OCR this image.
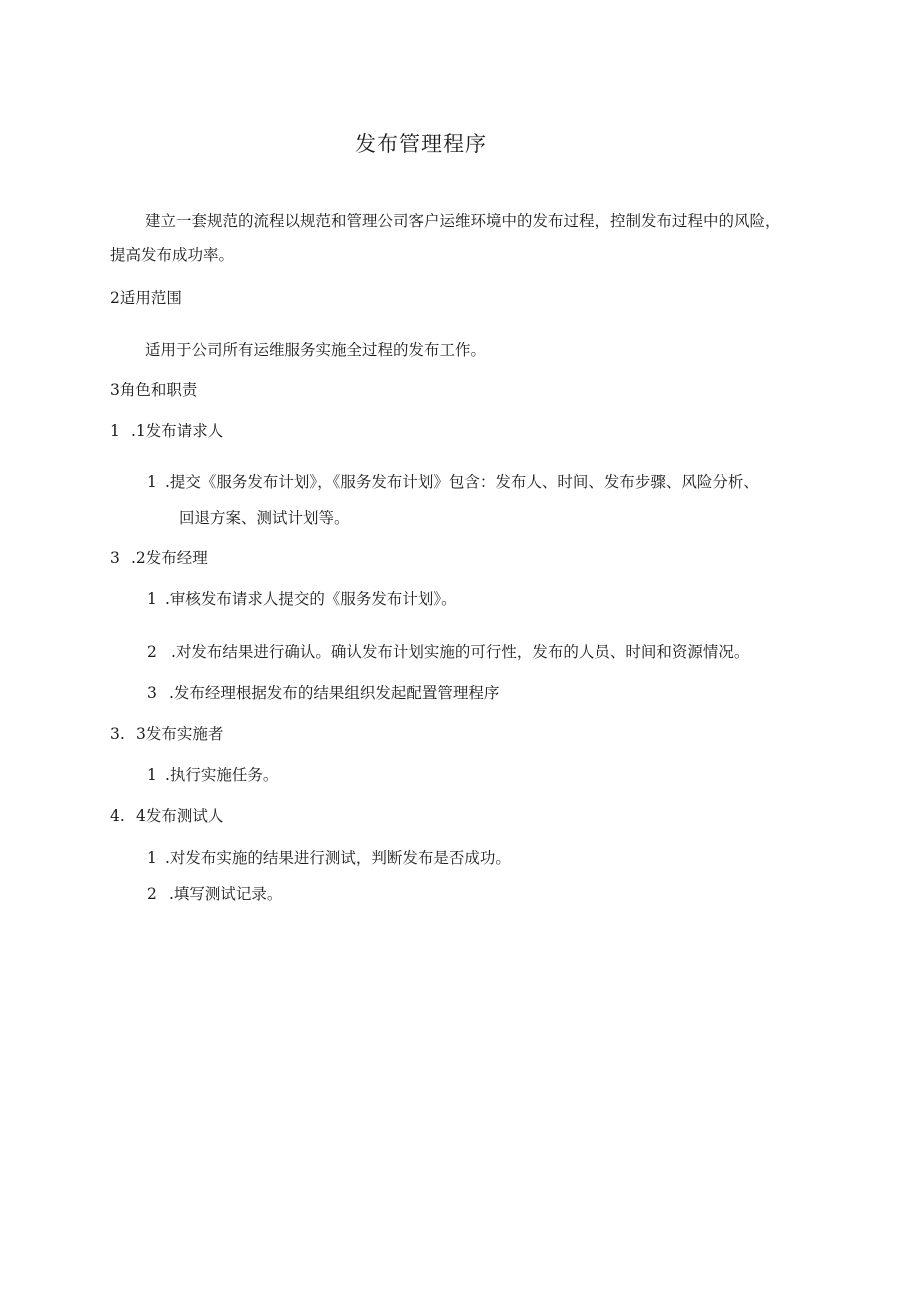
发布管理程序
建立一套规范的流程以规范和管理公司客户运维环境中的发布过程，控制发布过程中的风险，
提高发布成功率。
2适用范围
适用于公司所有运维服务实施全过程的发布工作。
3角色和职责
1 .1发布请求人
1 .提交《服务发布计划》，《服务发布计划》包含：发布人、时间、发布步骤、风险分析、
回退方案、测试计划等。
3 .2发布经理
1 .审核发布请求人提交的《服务发布计划》。
2 .对发布结果进行确认。确认发布计划实施的可行性，发布的人员、时间和资源情况。
3 .发布经理根据发布的结果组织发起配置管理程序
3. 3发布实施者
1 .执行实施任务。
4. 4发布测试人
1 .对发布实施的结果进行测试，判断发布是否成功。
2 .填写测试记录。
